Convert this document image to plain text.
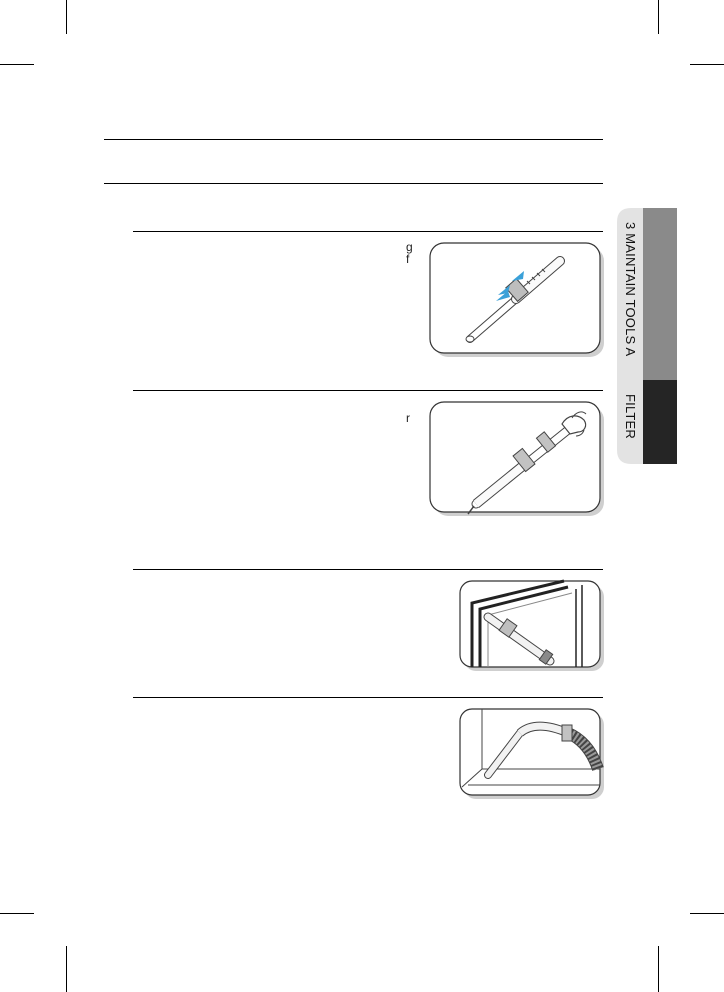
g
f
r
3 MAINTAIN TOOLS A
FILTER
